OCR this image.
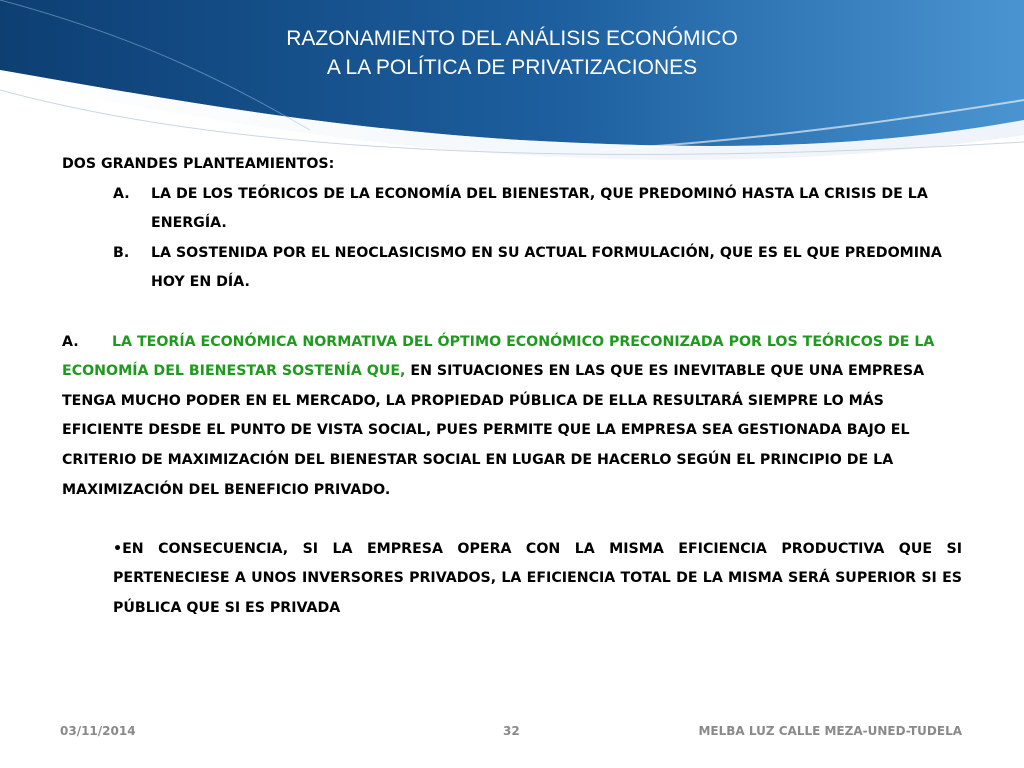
RAZONAMIENTO DEL ANÁLISIS ECONÓMICO
A LA POLÍTICA DE PRIVATIZACIONES

DOS GRANDES PLANTEAMIENTOS:

A.	LA DE LOS TEÓRICOS DE LA ECONOMÍA DEL BIENESTAR, QUE PREDOMINÓ HASTA LA CRISIS DE LA ENERGÍA.
B.	LA SOSTENIDA POR EL NEOCLASICISMO EN SU ACTUAL FORMULACIÓN, QUE ES EL QUE PREDOMINA HOY EN DÍA.
A. LA TEORÍA ECONÓMICA NORMATIVA DEL ÓPTIMO ECONÓMICO PRECONIZADA POR LOS TEÓRICOS DE LA ECONOMÍA DEL BIENESTAR SOSTENÍA QUE, EN SITUACIONES EN LAS QUE ES INEVITABLE QUE UNA EMPRESA TENGA MUCHO PODER EN EL MERCADO, LA PROPIEDAD PÚBLICA DE ELLA RESULTARÁ SIEMPRE LO MÁS EFICIENTE DESDE EL PUNTO DE VISTA SOCIAL, PUES PERMITE QUE LA EMPRESA SEA GESTIONADA BAJO EL CRITERIO DE MAXIMIZACIÓN DEL BIENESTAR SOCIAL EN LUGAR DE HACERLO SEGÚN EL PRINCIPIO DE LA MAXIMIZACIÓN DEL BENEFICIO PRIVADO.
•EN CONSECUENCIA, SI LA EMPRESA OPERA CON LA MISMA EFICIENCIA PRODUCTIVA QUE SI PERTENECIESE A UNOS INVERSORES PRIVADOS, LA EFICIENCIA TOTAL DE LA MISMA SERÁ SUPERIOR SI ES PÚBLICA QUE SI ES PRIVADA
03/11/2014	32	MELBA LUZ CALLE MEZA-UNED-TUDELA
